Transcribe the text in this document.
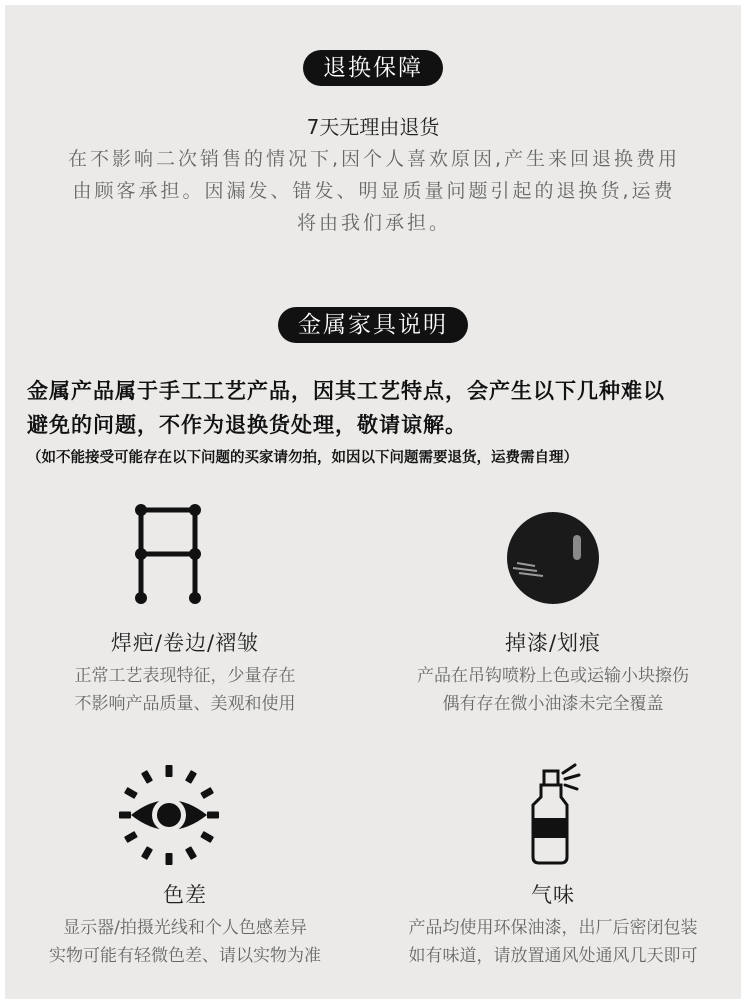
退换保障
7天无理由退货
在不影响二次销售的情况下,因个人喜欢原因,产生来回退换费用
由顾客承担。因漏发、错发、明显质量问题引起的退换货,运费
将由我们承担。
金属家具说明
金属产品属于手工工艺产品，因其工艺特点，会产生以下几种难以
避免的问题，不作为退换货处理，敬请谅解。
（如不能接受可能存在以下问题的买家请勿拍，如因以下问题需要退货，运费需自理）
焊疤/卷边/褶皱
正常工艺表现特征，少量存在
不影响产品质量、美观和使用
掉漆/划痕
产品在吊钩喷粉上色或运输小块擦伤
偶有存在微小油漆未完全覆盖
色差
显示器/拍摄光线和个人色感差异
实物可能有轻微色差、请以实物为准
气味
产品均使用环保油漆，出厂后密闭包装
如有味道，请放置通风处通风几天即可
